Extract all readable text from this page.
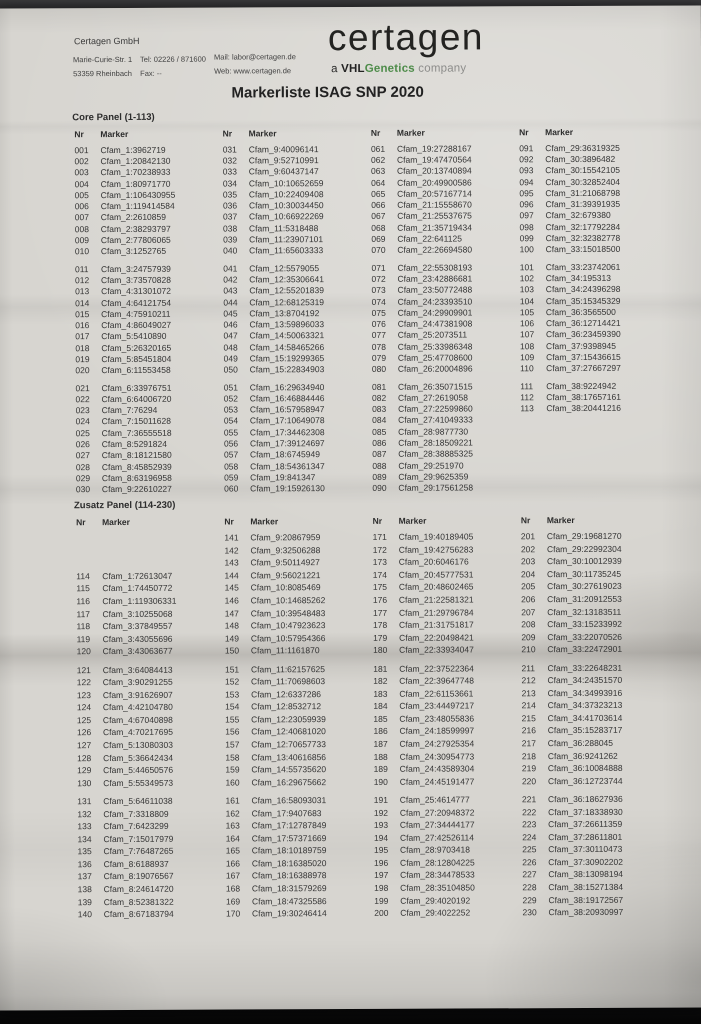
Certagen GmbH
Marie-Curie-Str. 1
53359 Rheinbach
Tel: 02226 / 871600
Fax: --
Mail: labor@certagen.de
Web: www.certagen.de
certagen
a VHLGenetics company
Markerliste ISAG SNP 2020
Core Panel (1-113)
Nr	Marker
001	Cfam_1:3962719
002	Cfam_1:20842130
003	Cfam_1:70238933
004	Cfam_1:80971770
005	Cfam_1:106430955
006	Cfam_1:119414584
007	Cfam_2:2610859
008	Cfam_2:38293797
009	Cfam_2:77806065
010	Cfam_3:1252765
011	Cfam_3:24757939
012	Cfam_3:73570828
013	Cfam_4:31301072
014	Cfam_4:64121754
015	Cfam_4:75910211
016	Cfam_4:86049027
017	Cfam_5:5410890
018	Cfam_5:26320165
019	Cfam_5:85451804
020	Cfam_6:11553458
021	Cfam_6:33976751
022	Cfam_6:64006720
023	Cfam_7:76294
024	Cfam_7:15011628
025	Cfam_7:36555518
026	Cfam_8:5291824
027	Cfam_8:18121580
028	Cfam_8:45852939
029	Cfam_8:63196958
030	Cfam_9:22610227
Nr	Marker
031	Cfam_9:40096141
032	Cfam_9:52710991
033	Cfam_9:60437147
034	Cfam_10:10652659
035	Cfam_10:22409408
036	Cfam_10:30034450
037	Cfam_10:66922269
038	Cfam_11:5318488
039	Cfam_11:23907101
040	Cfam_11:65603333
041	Cfam_12:5579055
042	Cfam_12:35306641
043	Cfam_12:55201839
044	Cfam_12:68125319
045	Cfam_13:8704192
046	Cfam_13:59896033
047	Cfam_14:50063321
048	Cfam_14:58465266
049	Cfam_15:19299365
050	Cfam_15:22834903
051	Cfam_16:29634940
052	Cfam_16:46884446
053	Cfam_16:57958947
054	Cfam_17:10649078
055	Cfam_17:34462308
056	Cfam_17:39124697
057	Cfam_18:6745949
058	Cfam_18:54361347
059	Cfam_19:841347
060	Cfam_19:15926130
Nr	Marker
061	Cfam_19:27288167
062	Cfam_19:47470564
063	Cfam_20:13740894
064	Cfam_20:49900586
065	Cfam_20:57167714
066	Cfam_21:15558670
067	Cfam_21:25537675
068	Cfam_21:35719434
069	Cfam_22:641125
070	Cfam_22:26694580
071	Cfam_22:55308193
072	Cfam_23:42886681
073	Cfam_23:50772488
074	Cfam_24:23393510
075	Cfam_24:29909901
076	Cfam_24:47381908
077	Cfam_25:2073511
078	Cfam_25:33986348
079	Cfam_25:47708600
080	Cfam_26:20004896
081	Cfam_26:35071515
082	Cfam_27:2619058
083	Cfam_27:22599860
084	Cfam_27:41049333
085	Cfam_28:9877730
086	Cfam_28:18509221
087	Cfam_28:38885325
088	Cfam_29:251970
089	Cfam_29:9625359
090	Cfam_29:17561258
Nr	Marker
091	Cfam_29:36319325
092	Cfam_30:3896482
093	Cfam_30:15542105
094	Cfam_30:32852404
095	Cfam_31:21068798
096	Cfam_31:39391935
097	Cfam_32:679380
098	Cfam_32:17792284
099	Cfam_32:32382778
100	Cfam_33:15018500
101	Cfam_33:23742061
102	Cfam_34:195313
103	Cfam_34:24396298
104	Cfam_35:15345329
105	Cfam_36:3565500
106	Cfam_36:12714421
107	Cfam_36:23459390
108	Cfam_37:9398945
109	Cfam_37:15436615
110	Cfam_37:27667297
111	Cfam_38:9224942
112	Cfam_38:17657161
113	Cfam_38:20441216
Zusatz Panel (114-230)
Nr	Marker
114	Cfam_1:72613047
115	Cfam_1:74450772
116	Cfam_1:119306331
117	Cfam_3:10255068
118	Cfam_3:37849557
119	Cfam_3:43055696
120	Cfam_3:43063677
121	Cfam_3:64084413
122	Cfam_3:90291255
123	Cfam_3:91626907
124	Cfam_4:42104780
125	Cfam_4:67040898
126	Cfam_4:70217695
127	Cfam_5:13080303
128	Cfam_5:36642434
129	Cfam_5:44650576
130	Cfam_5:55349573
131	Cfam_5:64611038
132	Cfam_7:3318809
133	Cfam_7:6423299
134	Cfam_7:15017979
135	Cfam_7:76487265
136	Cfam_8:6188937
137	Cfam_8:19076567
138	Cfam_8:24614720
139	Cfam_8:52381322
140	Cfam_8:67183794
Nr	Marker
141	Cfam_9:20867959
142	Cfam_9:32506288
143	Cfam_9:50114927
144	Cfam_9:56021221
145	Cfam_10:8085469
146	Cfam_10:14685262
147	Cfam_10:39548483
148	Cfam_10:47923623
149	Cfam_10:57954366
150	Cfam_11:1161870
151	Cfam_11:62157625
152	Cfam_11:70698603
153	Cfam_12:6337286
154	Cfam_12:8532712
155	Cfam_12:23059939
156	Cfam_12:40681020
157	Cfam_12:70657733
158	Cfam_13:40616856
159	Cfam_14:55735620
160	Cfam_16:29675662
161	Cfam_16:58093031
162	Cfam_17:9407683
163	Cfam_17:12787849
164	Cfam_17:57371669
165	Cfam_18:10189759
166	Cfam_18:16385020
167	Cfam_18:16388978
168	Cfam_18:31579269
169	Cfam_18:47325586
170	Cfam_19:30246414
Nr	Marker
171	Cfam_19:40189405
172	Cfam_19:42756283
173	Cfam_20:6046176
174	Cfam_20:45777531
175	Cfam_20:48602465
176	Cfam_21:22581321
177	Cfam_21:29796784
178	Cfam_21:31751817
179	Cfam_22:20498421
180	Cfam_22:33934047
181	Cfam_22:37522364
182	Cfam_22:39647748
183	Cfam_22:61153661
184	Cfam_23:44497217
185	Cfam_23:48055836
186	Cfam_24:18599997
187	Cfam_24:27925354
188	Cfam_24:30954773
189	Cfam_24:43589304
190	Cfam_24:45191477
191	Cfam_25:4614777
192	Cfam_27:20948372
193	Cfam_27:34444177
194	Cfam_27:42526114
195	Cfam_28:9703418
196	Cfam_28:12804225
197	Cfam_28:34478533
198	Cfam_28:35104850
199	Cfam_29:4020192
200	Cfam_29:4022252
Nr	Marker
201	Cfam_29:19681270
202	Cfam_29:22992304
203	Cfam_30:10012939
204	Cfam_30:11735245
205	Cfam_30:27619023
206	Cfam_31:20912553
207	Cfam_32:13183511
208	Cfam_33:15233992
209	Cfam_33:22070526
210	Cfam_33:22472901
211	Cfam_33:22648231
212	Cfam_34:24351570
213	Cfam_34:34993916
214	Cfam_34:37323213
215	Cfam_34:41703614
216	Cfam_35:15283717
217	Cfam_36:288045
218	Cfam_36:9241262
219	Cfam_36:10084888
220	Cfam_36:12723744
221	Cfam_36:18627936
222	Cfam_37:18338930
223	Cfam_37:26611359
224	Cfam_37:28611801
225	Cfam_37:30110473
226	Cfam_37:30902202
227	Cfam_38:13098194
228	Cfam_38:15271384
229	Cfam_38:19172567
230	Cfam_38:20930997
